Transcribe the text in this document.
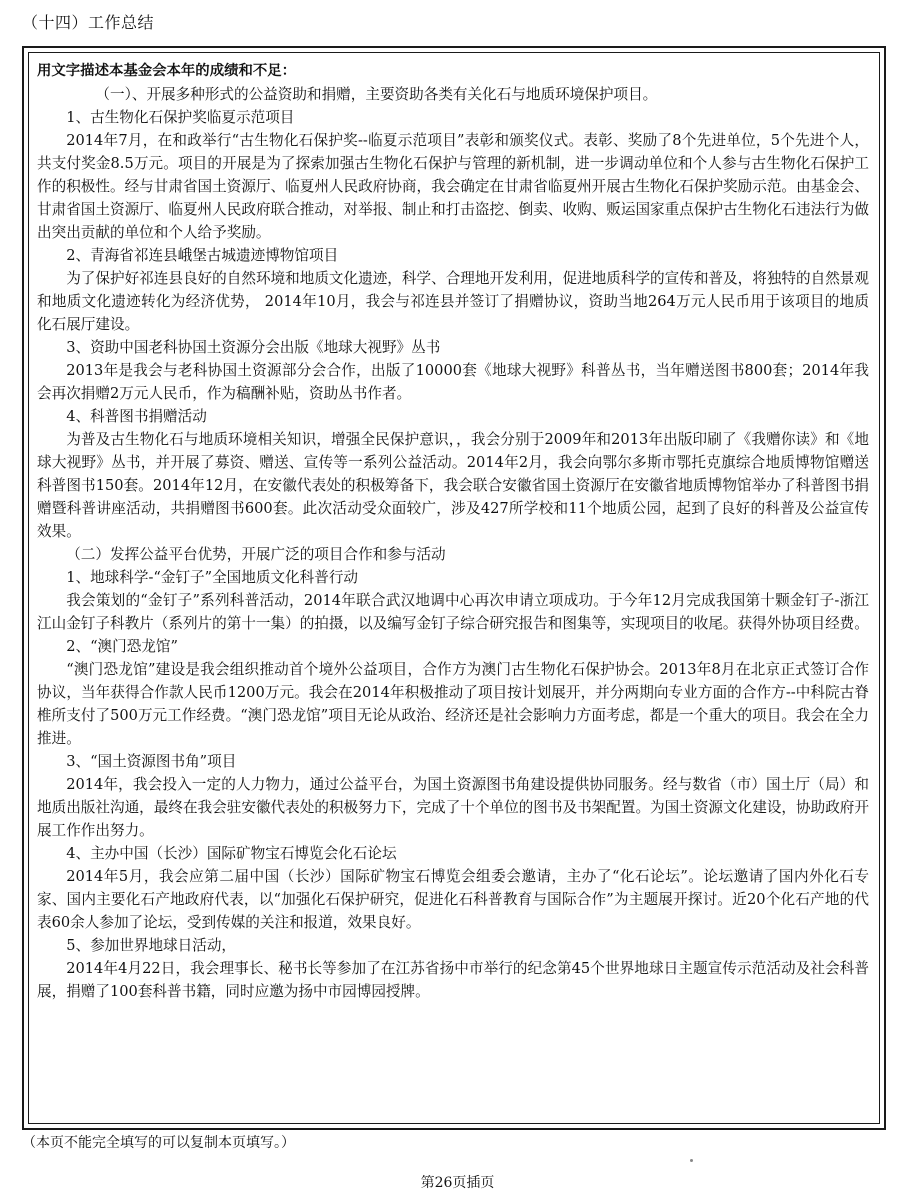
（十四）工作总结
用文字描述本基金会本年的成绩和不足：

（一）、开展多种形式的公益资助和捐赠，主要资助各类有关化石与地质环境保护项目。

1、古生物化石保护奖临夏示范项目

2014年7月，在和政举行“古生物化石保护奖--临夏示范项目”表彰和颁奖仪式。表彰、奖励了8个先进单位，5个先进个人，共支付奖金8.5万元。项目的开展是为了探索加强古生物化石保护与管理的新机制，进一步调动单位和个人参与古生物化石保护工作的积极性。经与甘肃省国土资源厅、临夏州人民政府协商，我会确定在甘肃省临夏州开展古生物化石保护奖励示范。由基金会、甘肃省国土资源厅、临夏州人民政府联合推动，对举报、制止和打击盗挖、倒卖、收购、贩运国家重点保护古生物化石违法行为做出突出贡献的单位和个人给予奖励。

2、青海省祁连县峨堡古城遗迹博物馆项目

为了保护好祁连县良好的自然环境和地质文化遗迹，科学、合理地开发利用，促进地质科学的宣传和普及，将独特的自然景观和地质文化遗迹转化为经济优势， 2014年10月，我会与祁连县并签订了捐赠协议，资助当地264万元人民币用于该项目的地质化石展厅建设。

3、资助中国老科协国土资源分会出版《地球大视野》丛书

2013年是我会与老科协国土资源部分会合作，出版了10000套《地球大视野》科普丛书，当年赠送图书800套；2014年我会再次捐赠2万元人民币，作为稿酬补贴，资助丛书作者。

4、科普图书捐赠活动

为普及古生物化石与地质环境相关知识，增强全民保护意识，，我会分别于2009年和2013年出版印刷了《我赠你读》和《地球大视野》丛书，并开展了募资、赠送、宣传等一系列公益活动。2014年2月，我会向鄂尔多斯市鄂托克旗综合地质博物馆赠送科普图书150套。2014年12月，在安徽代表处的积极筹备下，我会联合安徽省国土资源厅在安徽省地质博物馆举办了科普图书捐赠暨科普讲座活动，共捐赠图书600套。此次活动受众面较广，涉及427所学校和11个地质公园，起到了良好的科普及公益宣传效果。

（二）发挥公益平台优势，开展广泛的项目合作和参与活动

1、地球科学-“金钉子”全国地质文化科普行动

我会策划的“金钉子”系列科普活动，2014年联合武汉地调中心再次申请立项成功。于今年12月完成我国第十颗金钉子-浙江江山金钉子科教片（系列片的第十一集）的拍摄，以及编写金钉子综合研究报告和图集等，实现项目的收尾。获得外协项目经费。

2、“澳门恐龙馆”

“澳门恐龙馆”建设是我会组织推动首个境外公益项目，合作方为澳门古生物化石保护协会。2013年8月在北京正式签订合作协议，当年获得合作款人民币1200万元。我会在2014年积极推动了项目按计划展开，并分两期向专业方面的合作方--中科院古脊椎所支付了500万元工作经费。“澳门恐龙馆”项目无论从政治、经济还是社会影响力方面考虑，都是一个重大的项目。我会在全力推进。

3、“国土资源图书角”项目

2014年，我会投入一定的人力物力，通过公益平台，为国土资源图书角建设提供协同服务。经与数省（市）国土厅（局）和地质出版社沟通，最终在我会驻安徽代表处的积极努力下，完成了十个单位的图书及书架配置。为国土资源文化建设，协助政府开展工作作出努力。

4、主办中国（长沙）国际矿物宝石博览会化石论坛

2014年5月，我会应第二届中国（长沙）国际矿物宝石博览会组委会邀请，主办了“化石论坛”。论坛邀请了国内外化石专家、国内主要化石产地政府代表，以“加强化石保护研究，促进化石科普教育与国际合作”为主题展开探讨。近20个化石产地的代表60余人参加了论坛，受到传媒的关注和报道，效果良好。

5、参加世界地球日活动，

2014年4月22日，我会理事长、秘书长等参加了在江苏省扬中市举行的纪念第45个世界地球日主题宣传示范活动及社会科普展，捐赠了100套科普书籍，同时应邀为扬中市园博园授牌。

（本页不能完全填写的可以复制本页填写。）
第26页插页
